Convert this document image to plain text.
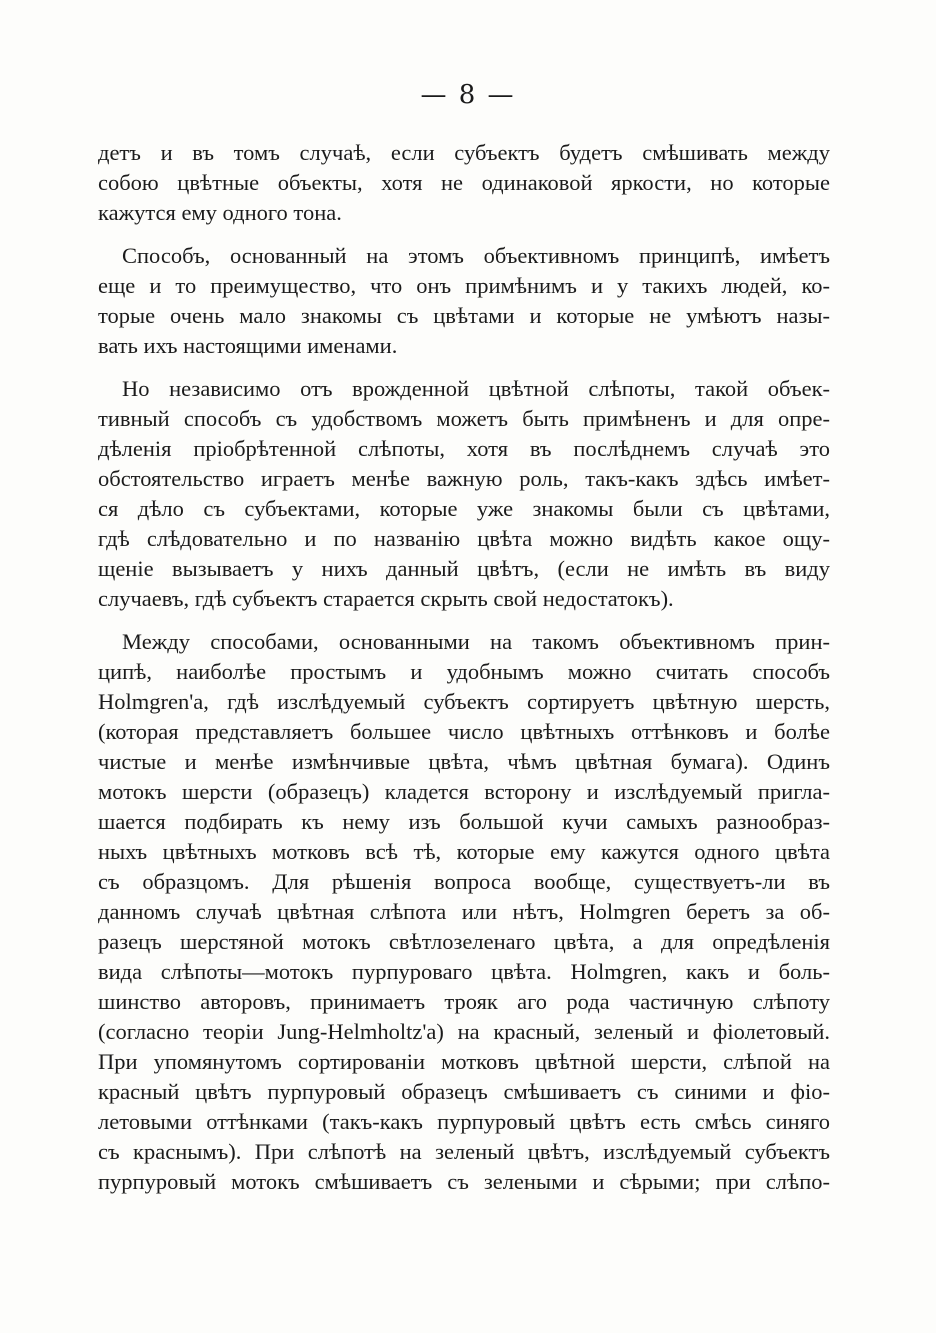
— 8 —
детъ и въ томъ случаѣ, если субъектъ будетъ смѣшивать между
собою цвѣтные объекты, хотя не одинаковой яркости, но которые
кажутся ему одного тона.
Способъ, основанный на этомъ объективномъ принципѣ, имѣетъ
еще и то преимущество, что онъ примѣнимъ и у такихъ людей, ко-
торые очень мало знакомы съ цвѣтами и которые не умѣютъ назы-
вать ихъ настоящими именами.
Но независимо отъ врожденной цвѣтной слѣпоты, такой объек-
тивный способъ съ удобствомъ можетъ быть примѣненъ и для опре-
дѣленія пріобрѣтенной слѣпоты, хотя въ послѣднемъ случаѣ это
обстоятельство играетъ менѣе важную роль, такъ-какъ здѣсь имѣет-
ся дѣло съ субъектами, которые уже знакомы были съ цвѣтами,
гдѣ слѣдовательно и по названію цвѣта можно видѣть какое ощу-
щеніе вызываетъ у нихъ данный цвѣтъ, (если не имѣть въ виду
случаевъ, гдѣ субъектъ старается скрыть свой недостатокъ).
Между способами, основанными на такомъ объективномъ прин-
ципѣ, наиболѣе простымъ и удобнымъ можно считать способъ
Holmgren'a, гдѣ изслѣдуемый субъектъ сортируетъ цвѣтную шерсть,
(которая представляетъ большее число цвѣтныхъ оттѣнковъ и болѣе
чистые и менѣе измѣнчивые цвѣта, чѣмъ цвѣтная бумага). Одинъ
мотокъ шерсти (образецъ) кладется всторону и изслѣдуемый пригла-
шается подбирать къ нему изъ большой кучи самыхъ разнообраз-
ныхъ цвѣтныхъ мотковъ всѣ тѣ, которые ему кажутся одного цвѣта
съ образцомъ. Для рѣшенія вопроса вообще, существуетъ-ли въ
данномъ случаѣ цвѣтная слѣпота или нѣтъ, Holmgren беретъ за об-
разецъ шерстяной мотокъ свѣтлозеленаго цвѣта, а для опредѣленія
вида слѣпоты—мотокъ пурпуроваго цвѣта. Holmgren, какъ и боль-
шинство авторовъ, принимаетъ трояк аго рода частичную слѣпоту
(согласно теоріи Jung-Helmholtz'a) на красный, зеленый и фіолетовый.
При упомянутомъ сортированіи мотковъ цвѣтной шерсти, слѣпой на
красный цвѣтъ пурпуровый образецъ смѣшиваетъ съ синими и фіо-
летовыми оттѣнками (такъ-какъ пурпуровый цвѣтъ есть смѣсь синяго
съ краснымъ). При слѣпотѣ на зеленый цвѣтъ, изслѣдуемый субъектъ
пурпуровый мотокъ смѣшиваетъ съ зелеными и сѣрыми; при слѣпо-
